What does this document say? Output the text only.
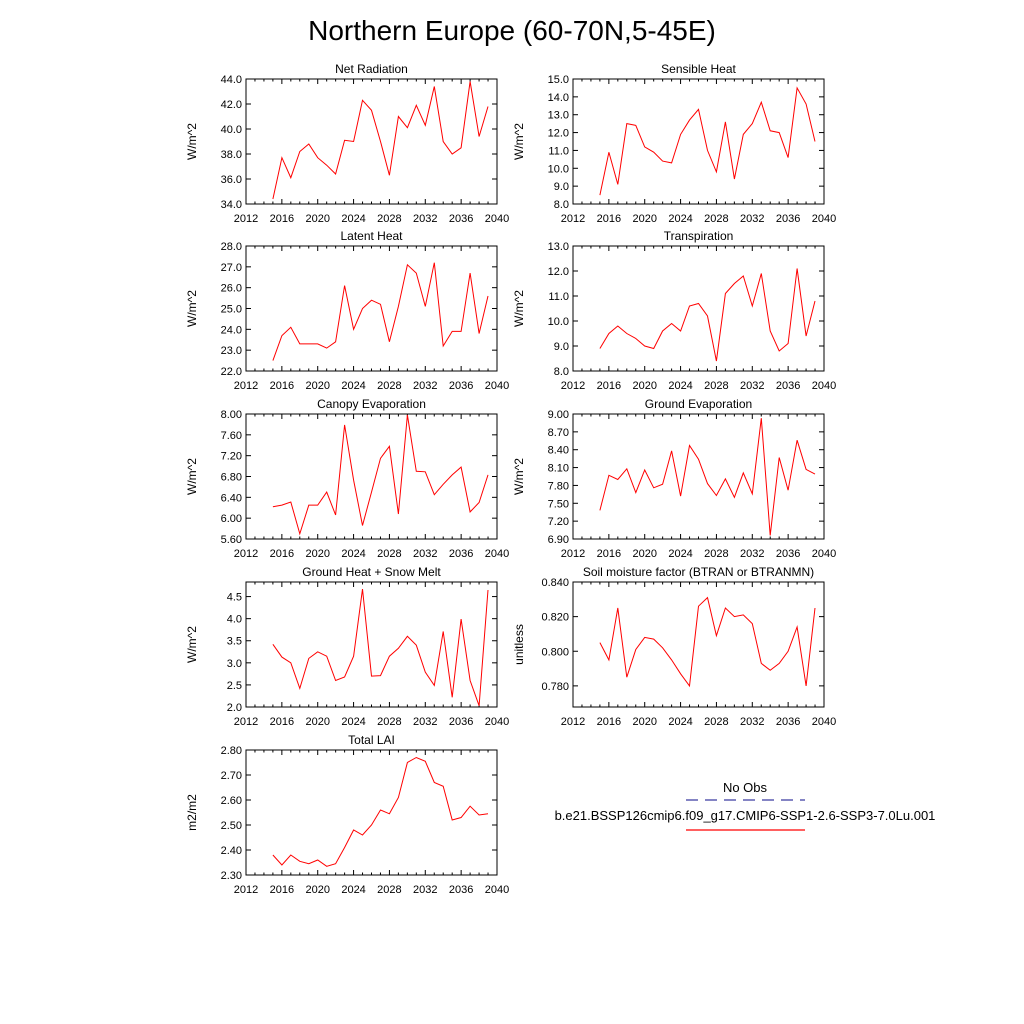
Northern Europe (60-70N,5-45E)
Net Radiation
W/m^2
2012 2016 2020 2024 2028 2032 2036 2040
34.0
36.0
38.0
40.0
42.0
44.0
Sensible Heat
W/m^2
2012 2016 2020 2024 2028 2032 2036 2040
8.0
9.0
10.0
11.0
12.0
13.0
14.0
15.0
Latent Heat
W/m^2
2012 2016 2020 2024 2028 2032 2036 2040
22.0
23.0
24.0
25.0
26.0
27.0
28.0
Transpiration
W/m^2
2012 2016 2020 2024 2028 2032 2036 2040
8.0
9.0
10.0
11.0
12.0
13.0
Canopy Evaporation
W/m^2
2012 2016 2020 2024 2028 2032 2036 2040
5.60
6.00
6.40
6.80
7.20
7.60
8.00
Ground Evaporation
W/m^2
2012 2016 2020 2024 2028 2032 2036 2040
6.90
7.20
7.50
7.80
8.10
8.40
8.70
9.00
Ground Heat + Snow Melt
W/m^2
2012 2016 2020 2024 2028 2032 2036 2040
2.0
2.5
3.0
3.5
4.0
4.5
Soil moisture factor (BTRAN or BTRANMN)
unitless
2012 2016 2020 2024 2028 2032 2036 2040
0.780
0.800
0.820
0.840
Total LAI
m2/m2
2012 2016 2020 2024 2028 2032 2036 2040
2.30
2.40
2.50
2.60
2.70
2.80
No Obs
b.e21.BSSP126cmip6.f09_g17.CMIP6-SSP1-2.6-SSP3-7.0Lu.001
